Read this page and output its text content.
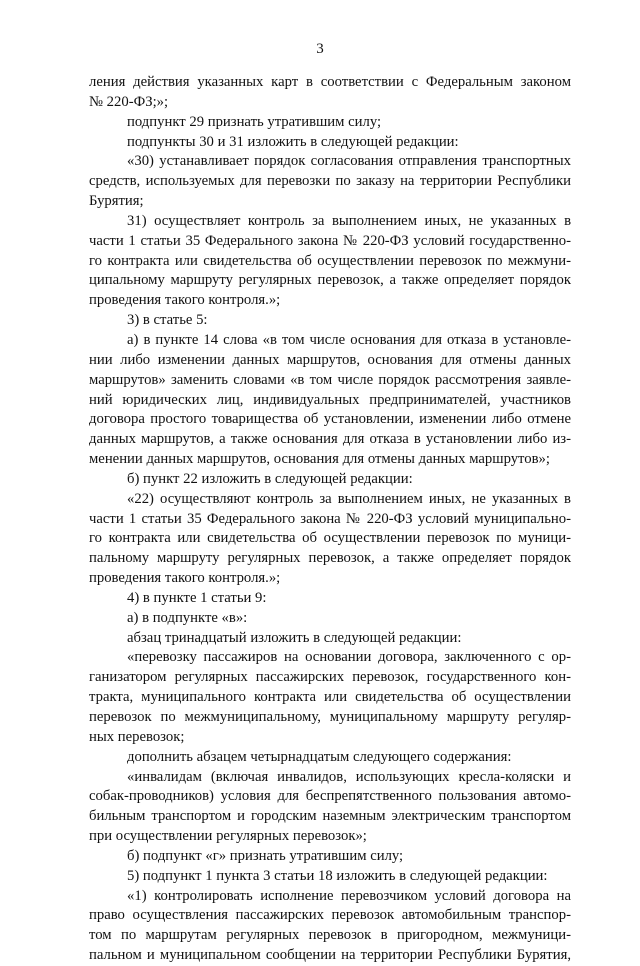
3

ления действия указанных карт в соответствии с Федеральным законом

№ 220-ФЗ;»;

подпункт 29 признать утратившим силу;

подпункты 30 и 31 изложить в следующей редакции:

«30) устанавливает порядок согласования отправления транспортных

средств, используемых для перевозки по заказу на территории Республики

Бурятия;

31) осуществляет контроль за выполнением иных, не указанных в

части 1 статьи 35 Федерального закона № 220-ФЗ условий государственно-

го контракта или свидетельства об осуществлении перевозок по межмуни-

ципальному маршруту регулярных перевозок, а также определяет порядок

проведения такого контроля.»;

3) в статье 5:

а) в пункте 14 слова «в том числе основания для отказа в установле-

нии либо изменении данных маршрутов, основания для отмены данных

маршрутов» заменить словами «в том числе порядок рассмотрения заявле-

ний юридических лиц, индивидуальных предпринимателей, участников

договора простого товарищества об установлении, изменении либо отмене

данных маршрутов, а также основания для отказа в установлении либо из-

менении данных маршрутов, основания для отмены данных маршрутов»;

б) пункт 22 изложить в следующей редакции:

«22) осуществляют контроль за выполнением иных, не указанных в

части 1 статьи 35 Федерального закона № 220-ФЗ условий муниципально-

го контракта или свидетельства об осуществлении перевозок по муници-

пальному маршруту регулярных перевозок, а также определяет порядок

проведения такого контроля.»;

4) в пункте 1 статьи 9:

а) в подпункте «в»:

абзац тринадцатый изложить в следующей редакции:

«перевозку пассажиров на основании договора, заключенного с ор-

ганизатором регулярных пассажирских перевозок, государственного кон-

тракта, муниципального контракта или свидетельства об осуществлении

перевозок по межмуниципальному, муниципальному маршруту регуляр-

ных перевозок;

дополнить абзацем четырнадцатым следующего содержания:

«инвалидам (включая инвалидов, использующих кресла-коляски и

собак-проводников) условия для беспрепятственного пользования автомо-

бильным транспортом и городским наземным электрическим транспортом

при осуществлении регулярных перевозок»;

б) подпункт «г» признать утратившим силу;

5) подпункт 1 пункта 3 статьи 18 изложить в следующей редакции:

«1) контролировать исполнение перевозчиком условий договора на

право осуществления пассажирских перевозок автомобильным транспор-

том по маршрутам регулярных перевозок в пригородном, межмуници-

пальном и муниципальном сообщении на территории Республики Бурятия,
